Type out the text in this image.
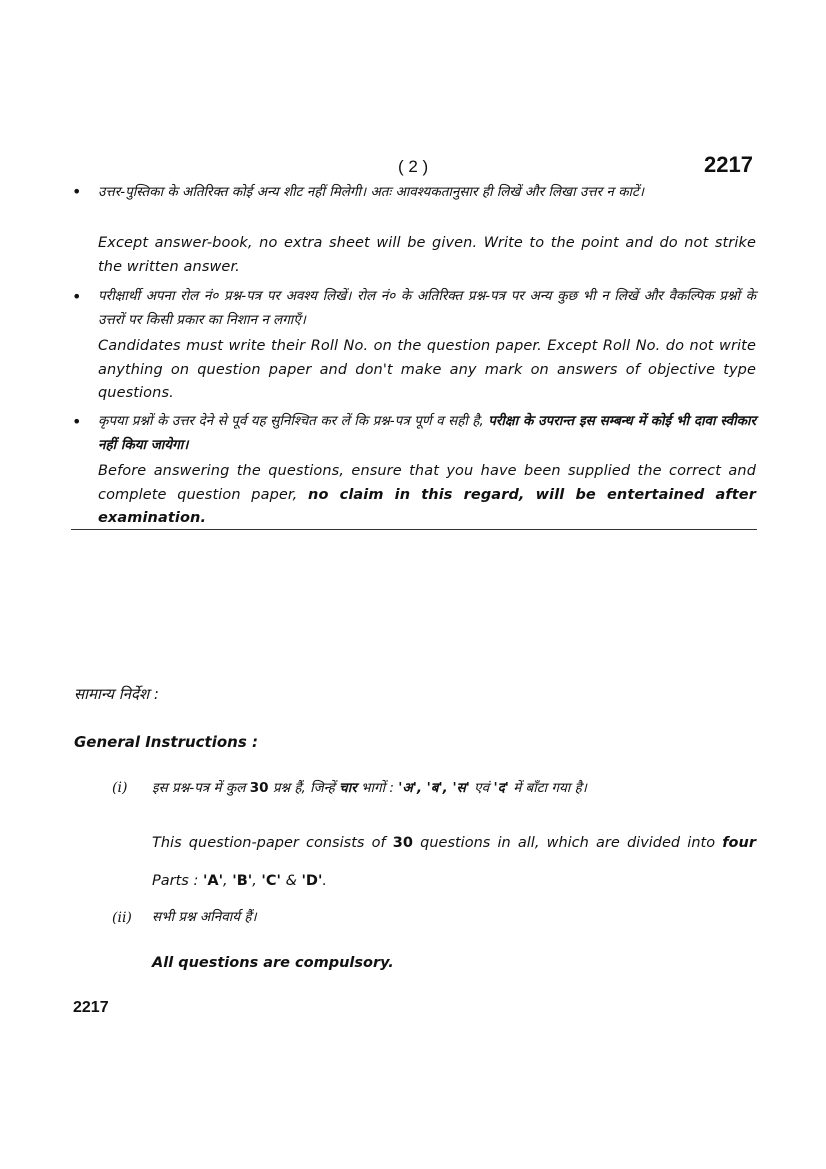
( 2 )	2217
• उत्तर-पुस्तिका के अतिरिक्त कोई अन्य शीट नहीं मिलेगी। अतः आवश्यकतानुसार ही लिखें और लिखा उत्तर न काटें।
Except answer-book, no extra sheet will be given. Write to the point and do not strike the written answer.
• परीक्षार्थी अपना रोल नं० प्रश्न-पत्र पर अवश्य लिखें। रोल नं० के अतिरिक्त प्रश्न-पत्र पर अन्य कुछ भी न लिखें और वैकल्पिक प्रश्नों के उत्तरों पर किसी प्रकार का निशान न लगाएँ।
Candidates must write their Roll No. on the question paper. Except Roll No. do not write anything on question paper and don't make any mark on answers of objective type questions.
• कृपया प्रश्नों के उत्तर देने से पूर्व यह सुनिश्चित कर लें कि प्रश्न-पत्र पूर्ण व सही है, परीक्षा के उपरान्त इस सम्बन्ध में कोई भी दावा स्वीकार नहीं किया जायेगा।
Before answering the questions, ensure that you have been supplied the correct and complete question paper, no claim in this regard, will be entertained after examination.
सामान्य निर्देश :
General Instructions :
(i) इस प्रश्न-पत्र में कुल 30 प्रश्न हैं, जिन्हें चार भागों : 'अ', 'ब', 'स' एवं 'द' में बाँटा गया है।
This question-paper consists of 30 questions in all, which are divided into four Parts : 'A', 'B', 'C' & 'D'.
(ii) सभी प्रश्न अनिवार्य हैं।
All questions are compulsory.
2217
